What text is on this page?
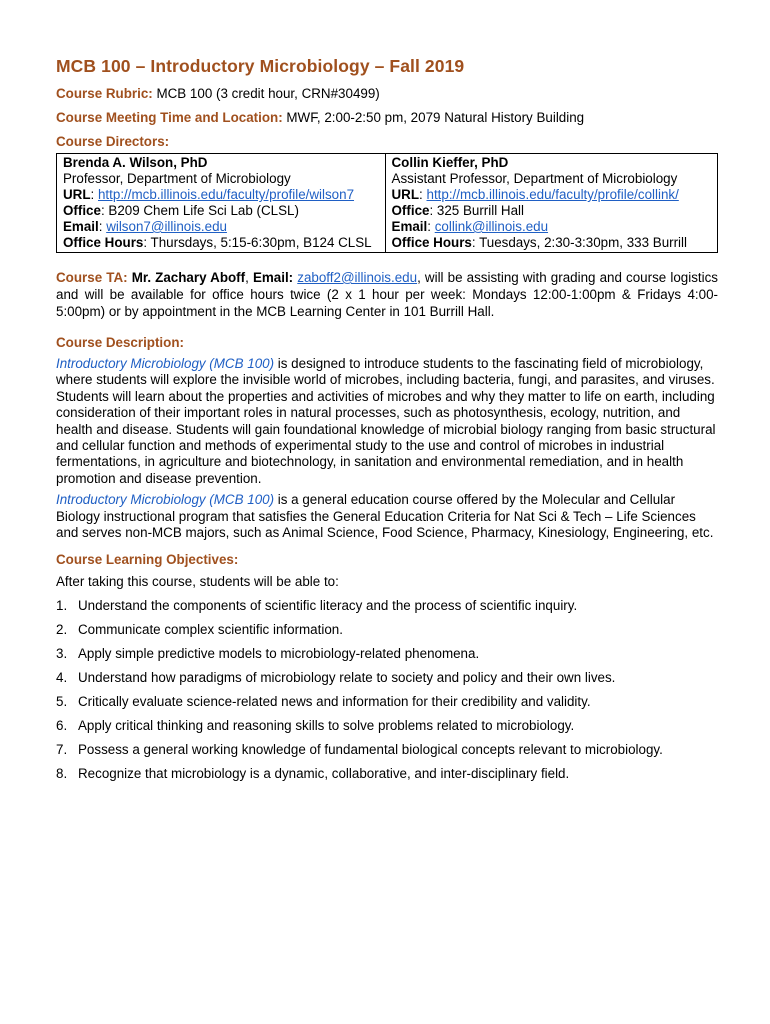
MCB 100 – Introductory Microbiology – Fall 2019

Course Rubric: MCB 100 (3 credit hour, CRN#30499)

Course Meeting Time and Location: MWF, 2:00-2:50 pm, 2079 Natural History Building

Course Directors:

Brenda A. Wilson, PhD
Professor, Department of Microbiology
URL: http://mcb.illinois.edu/faculty/profile/wilson7
Office: B209 Chem Life Sci Lab (CLSL)
Email: wilson7@illinois.edu
Office Hours: Thursdays, 5:15-6:30pm, B124 CLSL

Collin Kieffer, PhD
Assistant Professor, Department of Microbiology
URL: http://mcb.illinois.edu/faculty/profile/collink/
Office: 325 Burrill Hall
Email: collink@illinois.edu
Office Hours: Tuesdays, 2:30-3:30pm, 333 Burrill

Course TA: Mr. Zachary Aboff, Email: zaboff2@illinois.edu, will be assisting with grading and course logistics and will be available for office hours twice (2 x 1 hour per week: Mondays 12:00-1:00pm & Fridays 4:00-5:00pm) or by appointment in the MCB Learning Center in 101 Burrill Hall.

Course Description:

Introductory Microbiology (MCB 100) is designed to introduce students to the fascinating field of microbiology, where students will explore the invisible world of microbes, including bacteria, fungi, and parasites, and viruses. Students will learn about the properties and activities of microbes and why they matter to life on earth, including consideration of their important roles in natural processes, such as photosynthesis, ecology, nutrition, and health and disease. Students will gain foundational knowledge of microbial biology ranging from basic structural and cellular function and methods of experimental study to the use and control of microbes in industrial fermentations, in agriculture and biotechnology, in sanitation and environmental remediation, and in health promotion and disease prevention.

Introductory Microbiology (MCB 100) is a general education course offered by the Molecular and Cellular Biology instructional program that satisfies the General Education Criteria for Nat Sci & Tech – Life Sciences and serves non-MCB majors, such as Animal Science, Food Science, Pharmacy, Kinesiology, Engineering, etc.

Course Learning Objectives:

After taking this course, students will be able to:

1. Understand the components of scientific literacy and the process of scientific inquiry.
2. Communicate complex scientific information.
3. Apply simple predictive models to microbiology-related phenomena.
4. Understand how paradigms of microbiology relate to society and policy and their own lives.
5. Critically evaluate science-related news and information for their credibility and validity.
6. Apply critical thinking and reasoning skills to solve problems related to microbiology.
7. Possess a general working knowledge of fundamental biological concepts relevant to microbiology.
8. Recognize that microbiology is a dynamic, collaborative, and inter-disciplinary field.
